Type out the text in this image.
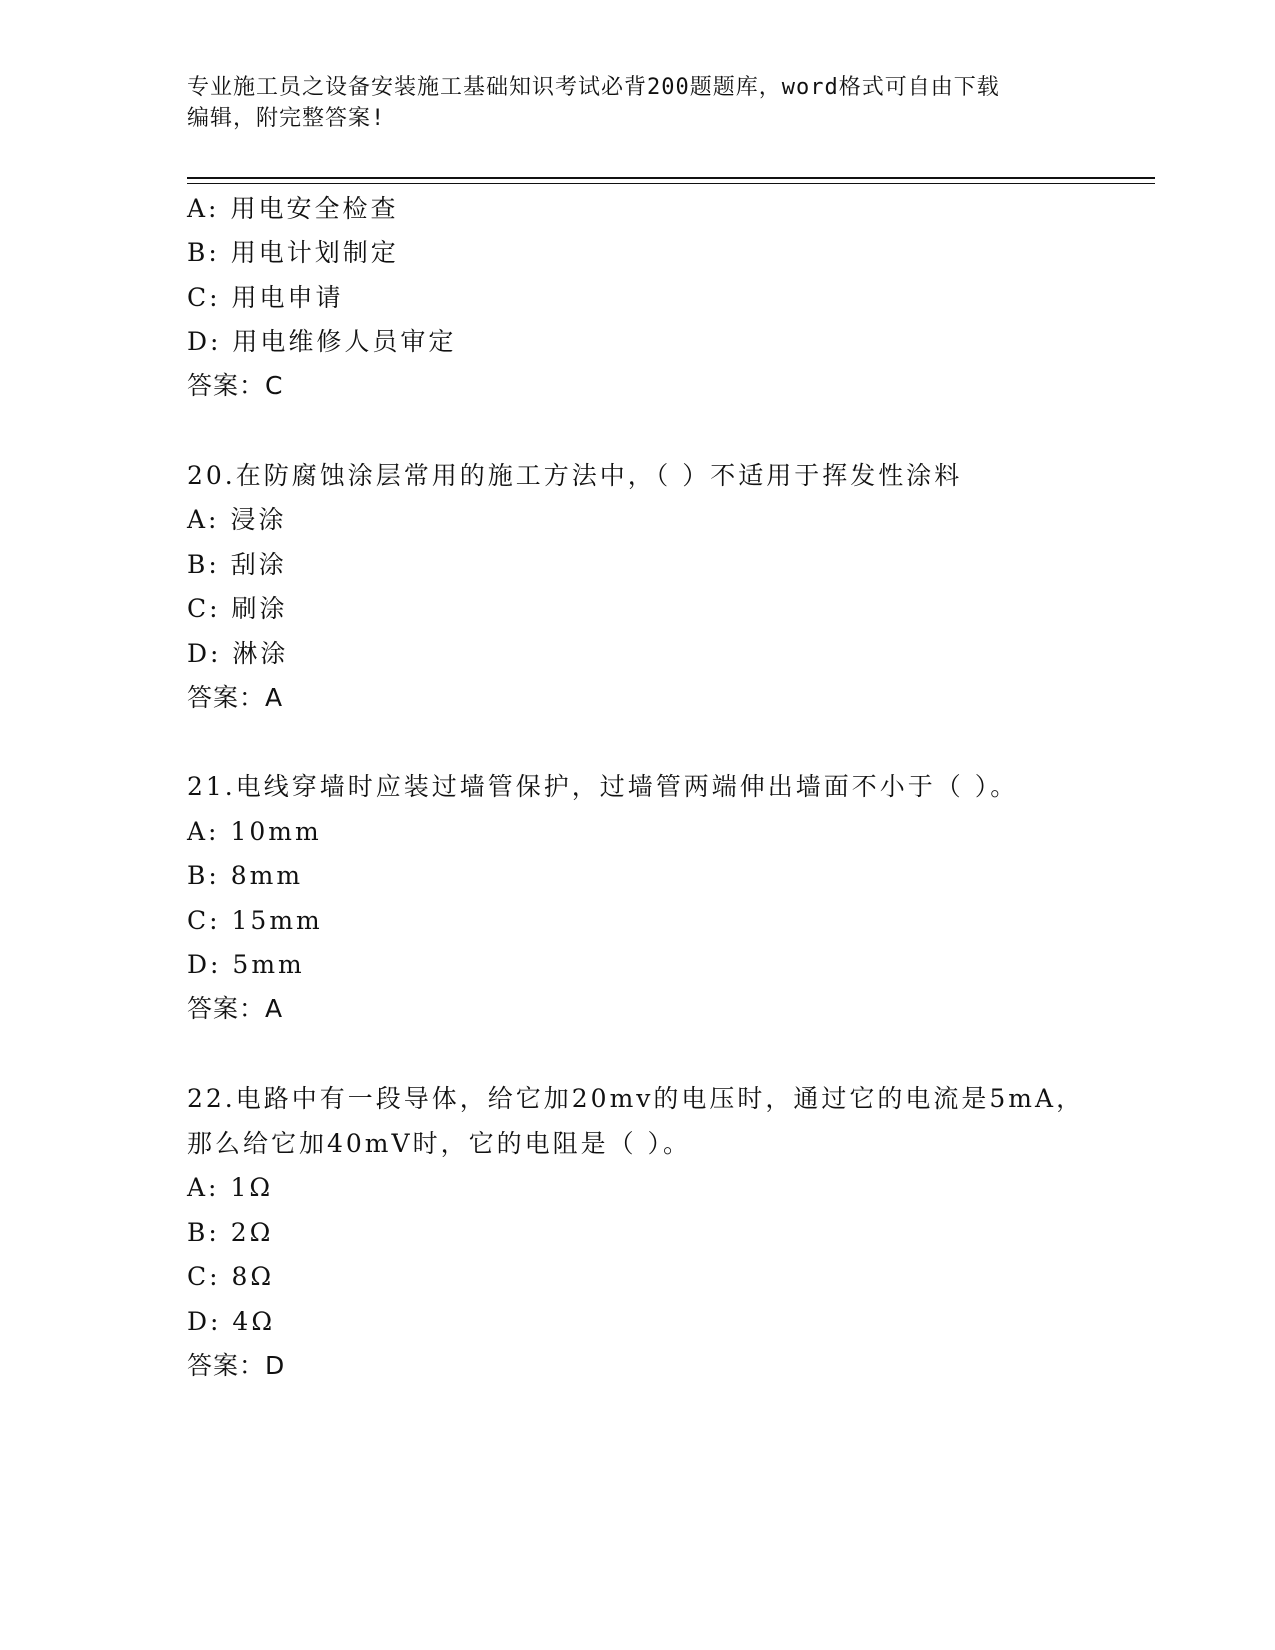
专业施工员之设备安装施工基础知识考试必背200题题库，word格式可自由下载
编辑，附完整答案!
A: 用电安全检查
B: 用电计划制定
C: 用电申请
D: 用电维修人员审定
答案：C
20.在防腐蚀涂层常用的施工方法中，（ ）不适用于挥发性涂料
A: 浸涂
B: 刮涂
C: 刷涂
D: 淋涂
答案：A
21.电线穿墙时应装过墙管保护，过墙管两端伸出墙面不小于（ ）。
A: 10mm
B: 8mm
C: 15mm
D: 5mm
答案：A
22.电路中有一段导体，给它加20mv的电压时，通过它的电流是5mA，
那么给它加40mV时，它的电阻是（ ）。
A: 1Ω
B: 2Ω
C: 8Ω
D: 4Ω
答案：D
